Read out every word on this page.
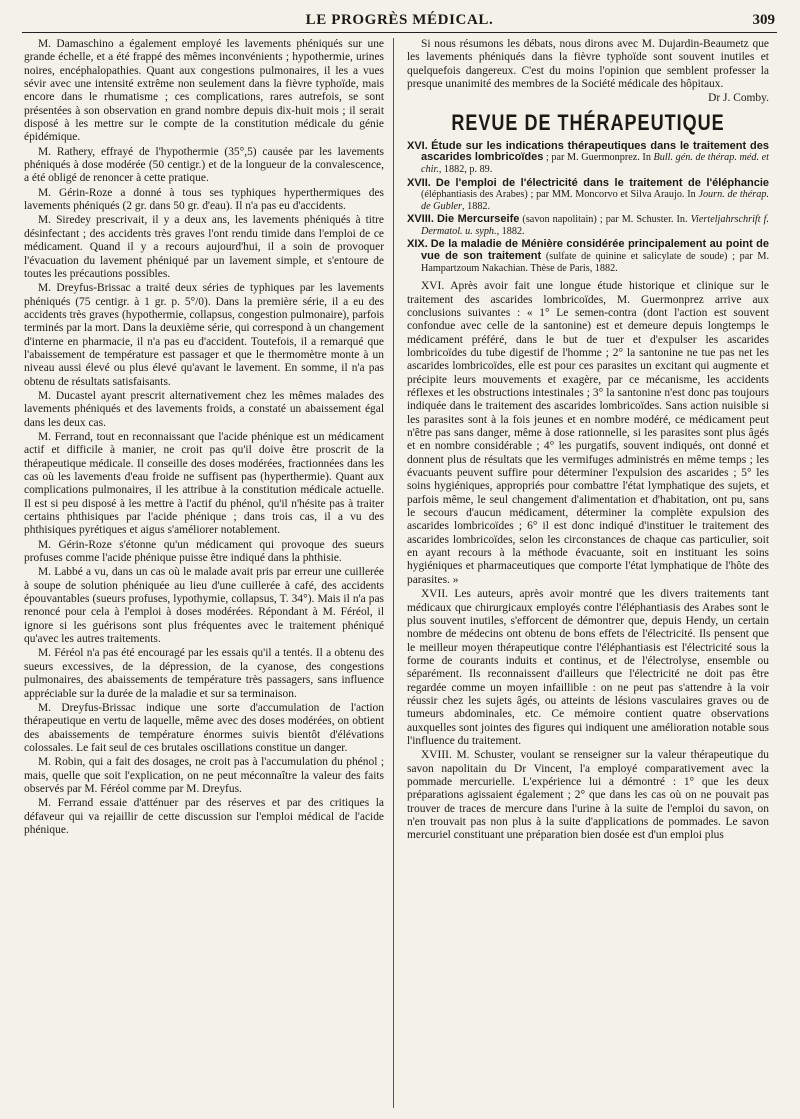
LE PROGRÈS MÉDICAL.	309

M. Damaschino a également employé les lavements phéniqués sur une grande échelle, et a été frappé des mêmes inconvénients ; hypothermie, urines noires, encéphalopathies. Quant aux congestions pulmonaires, il les a vues sévir avec une intensité extrême non seulement dans la fièvre typhoïde, mais encore dans le rhumatisme ; ces complications, rares autrefois, se sont présentées à son observation en grand nombre depuis dix-huit mois ; il serait disposé à les mettre sur le compte de la constitution médicale du génie épidémique.

M. Rathery, effrayé de l'hypothermie (35°,5) causée par les lavements phéniqués à dose modérée (50 centigr.) et de la longueur de la convalescence, a été obligé de renoncer à cette pratique.

M. Gérin-Roze a donné à tous ses typhiques hyperthermiques des lavements phéniqués (2 gr. dans 50 gr. d'eau). Il n'a pas eu d'accidents.

M. Siredey prescrivait, il y a deux ans, les lavements phéniqués à titre désinfectant ; des accidents très graves l'ont rendu timide dans l'emploi de ce médicament. Quand il y a recours aujourd'hui, il a soin de provoquer l'évacuation du lavement phéniqué par un lavement simple, et s'entoure de toutes les précautions possibles.

M. Dreyfus-Brissac a traité deux séries de typhiques par les lavements phéniqués (75 centigr. à 1 gr. p. 5°/0). Dans la première série, il a eu des accidents très graves (hypothermie, collapsus, congestion pulmonaire), parfois terminés par la mort. Dans la deuxième série, qui correspond à un changement d'interne en pharmacie, il n'a pas eu d'accident. Toutefois, il a remarqué que l'abaissement de température est passager et que le thermomètre monte à un niveau aussi élevé ou plus élevé qu'avant le lavement. En somme, il n'a pas obtenu de résultats satisfaisants.

M. Ducastel ayant prescrit alternativement chez les mêmes malades des lavements phéniqués et des lavements froids, a constaté un abaissement égal dans les deux cas.

M. Ferrand, tout en reconnaissant que l'acide phénique est un médicament actif et difficile à manier, ne croit pas qu'il doive être proscrit de la thérapeutique médicale. Il conseille des doses modérées, fractionnées dans les cas où les lavements d'eau froide ne suffisent pas (hyperthermie). Quant aux complications pulmonaires, il les attribue à la constitution médicale actuelle. Il est si peu disposé à les mettre à l'actif du phénol, qu'il n'hésite pas à traiter certains phthisiques par l'acide phénique ; dans trois cas, il a vu des phthisiques pyrétiques et aigus s'améliorer notablement.

M. Gérin-Roze s'étonne qu'un médicament qui provoque des sueurs profuses comme l'acide phénique puisse être indiqué dans la phthisie.

M. Labbé a vu, dans un cas où le malade avait pris par erreur une cuillerée à soupe de solution phéniquée au lieu d'une cuillerée à café, des accidents épouvantables (sueurs profuses, lypothymie, collapsus, T. 34°). Mais il n'a pas renoncé pour cela à l'emploi à doses modérées. Répondant à M. Féréol, il ignore si les guérisons sont plus fréquentes avec le traitement phéniqué qu'avec les autres traitements.

M. Féréol n'a pas été encouragé par les essais qu'il a tentés. Il a obtenu des sueurs excessives, de la dépression, de la cyanose, des congestions pulmonaires, des abaissements de température très passagers, sans influence appréciable sur la durée de la maladie et sur sa terminaison.

M. Dreyfus-Brissac indique une sorte d'accumulation de l'action thérapeutique en vertu de laquelle, même avec des doses modérées, on obtient des abaissements de température énormes suivis bientôt d'élévations colossales. Le fait seul de ces brutales oscillations constitue un danger.

M. Robin, qui a fait des dosages, ne croit pas à l'accumulation du phénol ; mais, quelle que soit l'explication, on ne peut méconnaître la valeur des faits observés par M. Féréol comme par M. Dreyfus.

M. Ferrand essaie d'atténuer par des réserves et par des critiques la défaveur qui va rejaillir de cette discussion sur l'emploi médical de l'acide phénique.

Si nous résumons les débats, nous dirons avec M. Dujardin-Beaumetz que les lavements phéniqués dans la fièvre typhoïde sont souvent inutiles et quelquefois dangereux. C'est du moins l'opinion que semblent professer la presque unanimité des membres de la Société médicale des hôpitaux.

Dr J. Comby.

REVUE DE THÉRAPEUTIQUE
XVI. Étude sur les indications thérapeutiques dans le traitement des ascarides lombricoïdes ; par M. Guermonprez. In Bull. gén. de thérap. méd. et chir., 1882, p. 89.
XVII. De l'emploi de l'électricité dans le traitement de l'éléphancie (éléphantiasis des Arabes) ; par MM. Moncorvo et Silva Araujo. In Journ. de thérap. de Gubler, 1882.
XVIII. Die Mercurseife (savon napolitain) ; par M. Schuster. In. Vierteljahrschrift f. Dermatol. u. syph., 1882.
XIX. De la maladie de Ménière considérée principalement au point de vue de son traitement (sulfate de quinine et salicylate de soude) ; par M. Hampartzoum Nakachian. Thèse de Paris, 1882.

XVI. Après avoir fait une longue étude historique et clinique sur le traitement des ascarides lombricoïdes, M. Guermonprez arrive aux conclusions suivantes : « 1° Le semen-contra (dont l'action est souvent confondue avec celle de la santonine) est et demeure depuis longtemps le médicament préféré, dans le but de tuer et d'expulser les ascarides lombricoïdes du tube digestif de l'homme ; 2° la santonine ne tue pas net les ascarides lombricoïdes, elle est pour ces parasites un excitant qui augmente et précipite leurs mouvements et exagère, par ce mécanisme, les accidents réflexes et les obstructions intestinales ; 3° la santonine n'est donc pas toujours indiquée dans le traitement des ascarides lombricoïdes. Sans action nuisible si les parasites sont à la fois jeunes et en nombre modéré, ce médicament peut n'être pas sans danger, même à dose rationnelle, si les parasites sont plus âgés et en nombre considérable ; 4° les purgatifs, souvent indiqués, ont donné et donnent plus de résultats que les vermifuges administrés en même temps ; les évacuants peuvent suffire pour déterminer l'expulsion des ascarides ; 5° les soins hygiéniques, appropriés pour combattre l'état lymphatique des sujets, et parfois même, le seul changement d'alimentation et d'habitation, ont pu, sans le secours d'aucun médicament, déterminer la complète expulsion des ascarides lombricoïdes ; 6° il est donc indiqué d'instituer le traitement des ascarides lombricoïdes, selon les circonstances de chaque cas particulier, soit en ayant recours à la méthode évacuante, soit en instituant les soins hygiéniques et pharmaceutiques que comporte l'état lymphatique de l'hôte des parasites. »

XVII. Les auteurs, après avoir montré que les divers traitements tant médicaux que chirurgicaux employés contre l'éléphantiasis des Arabes sont le plus souvent inutiles, s'efforcent de démontrer que, depuis Hendy, un certain nombre de médecins ont obtenu de bons effets de l'électricité. Ils pensent que le meilleur moyen thérapeutique contre l'éléphantiasis est l'électricité sous la forme de courants induits et continus, et de l'électrolyse, ensemble ou séparément. Ils reconnaissent d'ailleurs que l'électricité ne doit pas être regardée comme un moyen infaillible : on ne peut pas s'attendre à la voir réussir chez les sujets âgés, ou atteints de lésions vasculaires graves ou de tumeurs abdominales, etc. Ce mémoire contient quatre observations auxquelles sont jointes des figures qui indiquent une amélioration notable sous l'influence du traitement.

XVIII. M. Schuster, voulant se renseigner sur la valeur thérapeutique du savon napolitain du Dr Vincent, l'a employé comparativement avec la pommade mercurielle. L'expérience lui a démontré : 1° que les deux préparations agissaient également ; 2° que dans les cas où on ne pouvait pas trouver de traces de mercure dans l'urine à la suite de l'emploi du savon, on n'en trouvait pas non plus à la suite d'applications de pommades. Le savon mercuriel constituant une préparation bien dosée est d'un emploi plus
